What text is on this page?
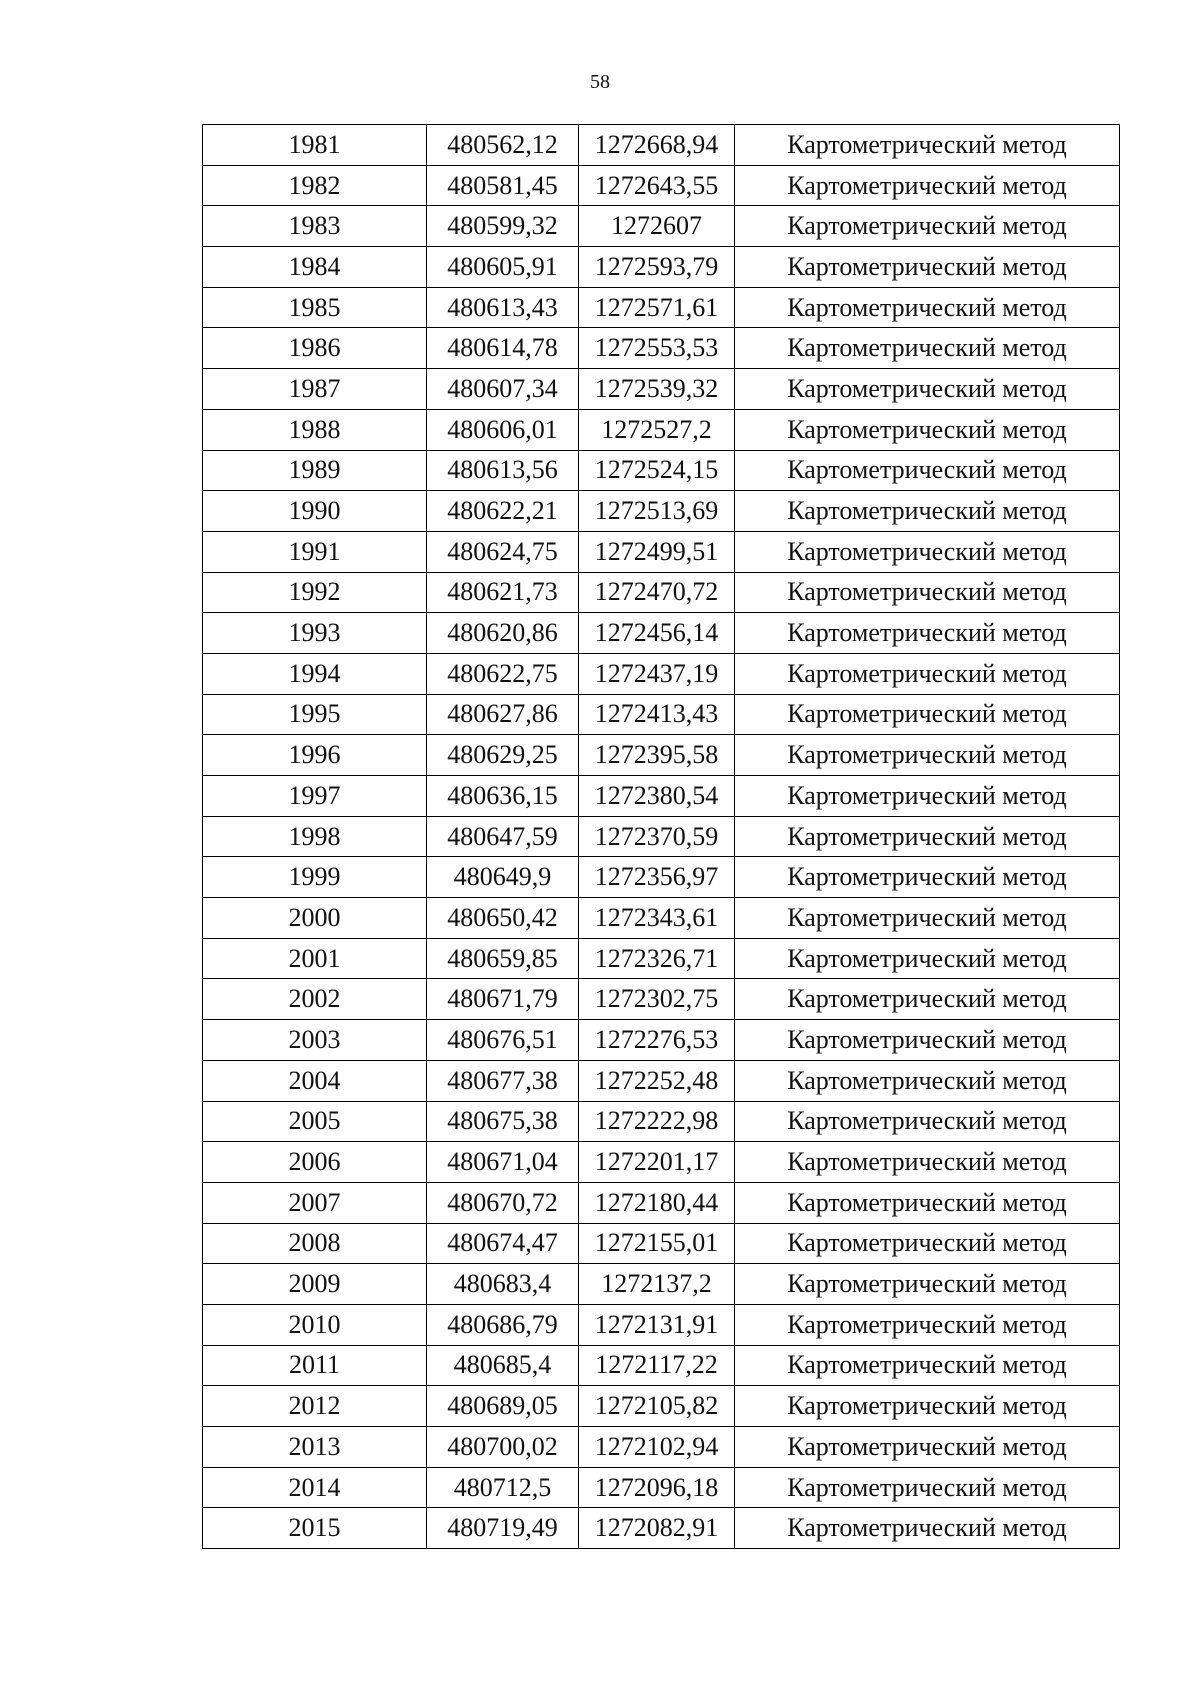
58
1981	480562,12	1272668,94	Картометрический метод
1982	480581,45	1272643,55	Картометрический метод
1983	480599,32	1272607	Картометрический метод
1984	480605,91	1272593,79	Картометрический метод
1985	480613,43	1272571,61	Картометрический метод
1986	480614,78	1272553,53	Картометрический метод
1987	480607,34	1272539,32	Картометрический метод
1988	480606,01	1272527,2	Картометрический метод
1989	480613,56	1272524,15	Картометрический метод
1990	480622,21	1272513,69	Картометрический метод
1991	480624,75	1272499,51	Картометрический метод
1992	480621,73	1272470,72	Картометрический метод
1993	480620,86	1272456,14	Картометрический метод
1994	480622,75	1272437,19	Картометрический метод
1995	480627,86	1272413,43	Картометрический метод
1996	480629,25	1272395,58	Картометрический метод
1997	480636,15	1272380,54	Картометрический метод
1998	480647,59	1272370,59	Картометрический метод
1999	480649,9	1272356,97	Картометрический метод
2000	480650,42	1272343,61	Картометрический метод
2001	480659,85	1272326,71	Картометрический метод
2002	480671,79	1272302,75	Картометрический метод
2003	480676,51	1272276,53	Картометрический метод
2004	480677,38	1272252,48	Картометрический метод
2005	480675,38	1272222,98	Картометрический метод
2006	480671,04	1272201,17	Картометрический метод
2007	480670,72	1272180,44	Картометрический метод
2008	480674,47	1272155,01	Картометрический метод
2009	480683,4	1272137,2	Картометрический метод
2010	480686,79	1272131,91	Картометрический метод
2011	480685,4	1272117,22	Картометрический метод
2012	480689,05	1272105,82	Картометрический метод
2013	480700,02	1272102,94	Картометрический метод
2014	480712,5	1272096,18	Картометрический метод
2015	480719,49	1272082,91	Картометрический метод
